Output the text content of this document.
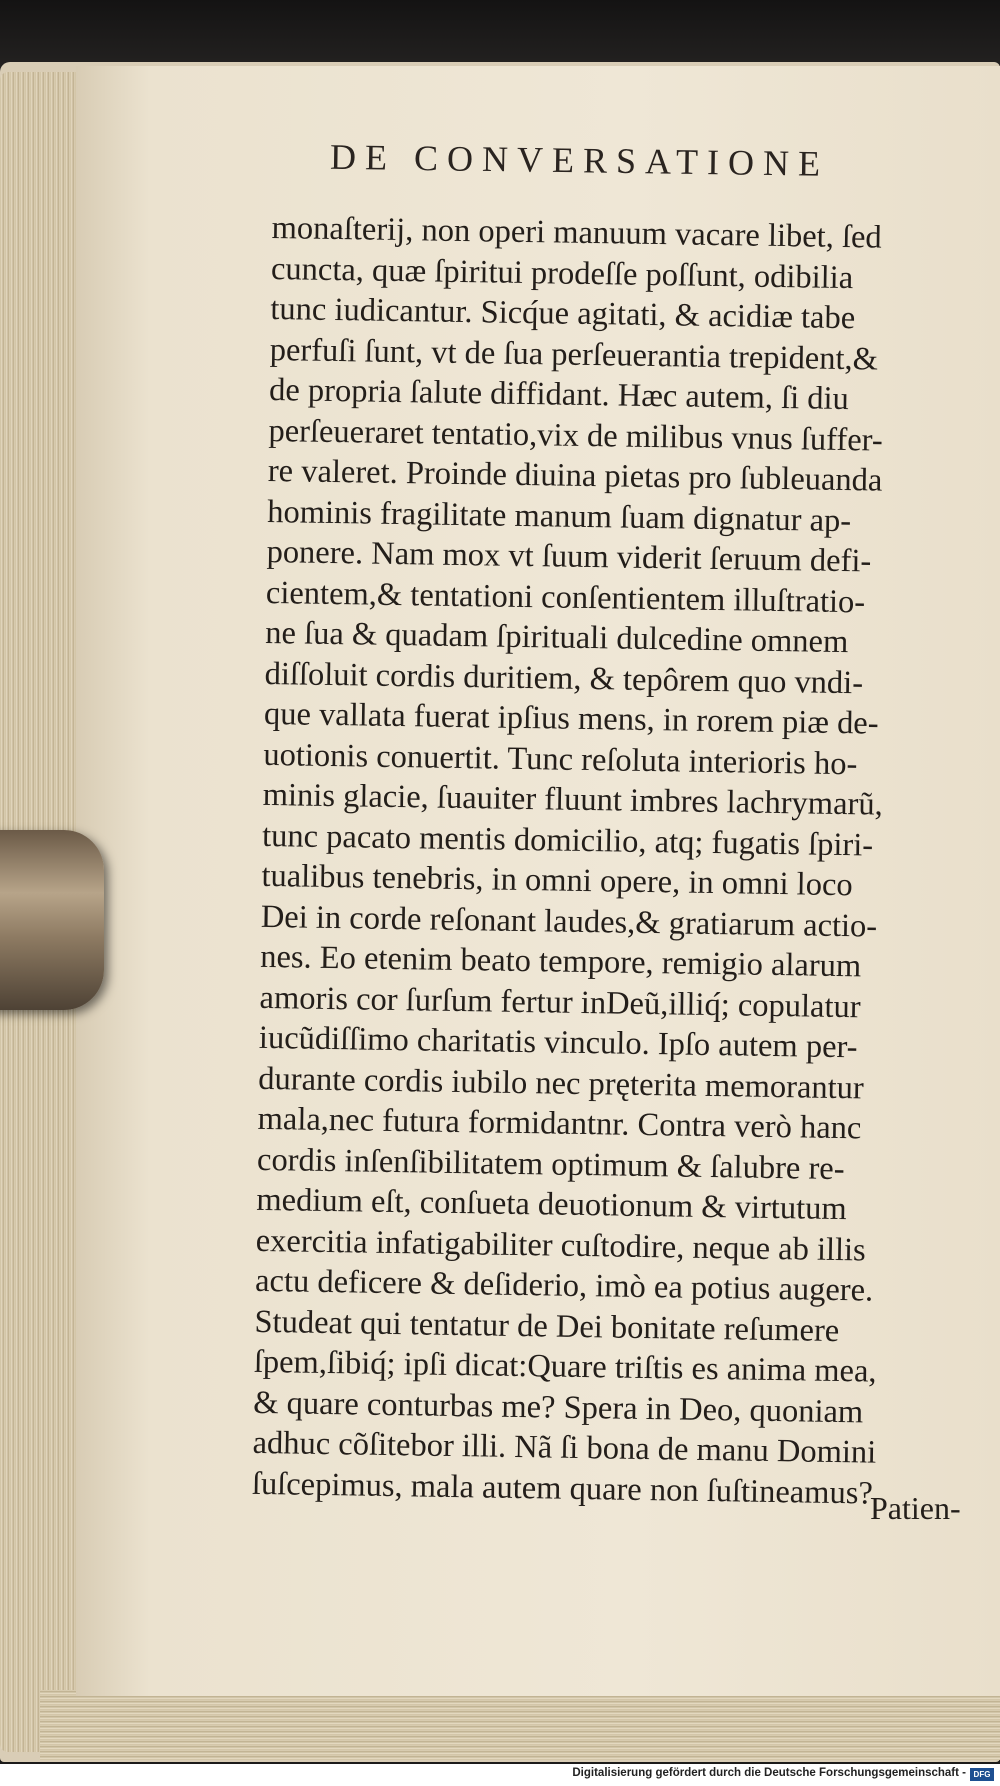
DE CONVERSATIONE
monaſterij, non operi manuum vacare libet, ſed
cuncta, quæ ſpiritui prodeſſe poſſunt, odibilia
tunc iudicantur. Sicq́ue agitati, & acidiæ tabe
perfuſi ſunt, vt de ſua perſeuerantia trepident,&
de propria ſalute diffidant. Hæc autem, ſi diu
perſeueraret tentatio,vix de milibus vnus ſuffer-
re valeret. Proinde diuina pietas pro ſubleuanda
hominis fragilitate manum ſuam dignatur ap-
ponere. Nam mox vt ſuum viderit ſeruum defi-
cientem,& tentationi conſentientem illuſtratio-
ne ſua & quadam ſpirituali dulcedine omnem
diſſoluit cordis duritiem, & tepôrem quo vndi-
que vallata fuerat ipſius mens, in rorem piæ de-
uotionis conuertit. Tunc reſoluta interioris ho-
minis glacie, ſuauiter fluunt imbres lachrymarũ,
tunc pacato mentis domicilio, atq; fugatis ſpiri-
tualibus tenebris, in omni opere, in omni loco
Dei in corde reſonant laudes,& gratiarum actio-
nes. Eo etenim beato tempore, remigio alarum
amoris cor ſurſum fertur inDeũ,illiq́; copulatur
iucũdiſſimo charitatis vinculo. Ipſo autem per-
durante cordis iubilo nec pręterita memorantur
mala,nec futura formidantnr. Contra verò hanc
cordis inſenſibilitatem optimum & ſalubre re-
medium eſt, conſueta deuotionum & virtutum
exercitia infatigabiliter cuſtodire, neque ab illis
actu deficere & deſiderio, imò ea potius augere.
Studeat qui tentatur de Dei bonitate reſumere
ſpem,ſibiq́; ipſi dicat:Quare triſtis es anima mea,
& quare conturbas me? Spera in Deo, quoniam
adhuc cõſitebor illi. Nã ſi bona de manu Domini
ſuſcepimus, mala autem quare non ſuſtineamus?
Patien-
Digitalisierung gefördert durch die Deutsche Forschungsgemeinschaft - DFG
